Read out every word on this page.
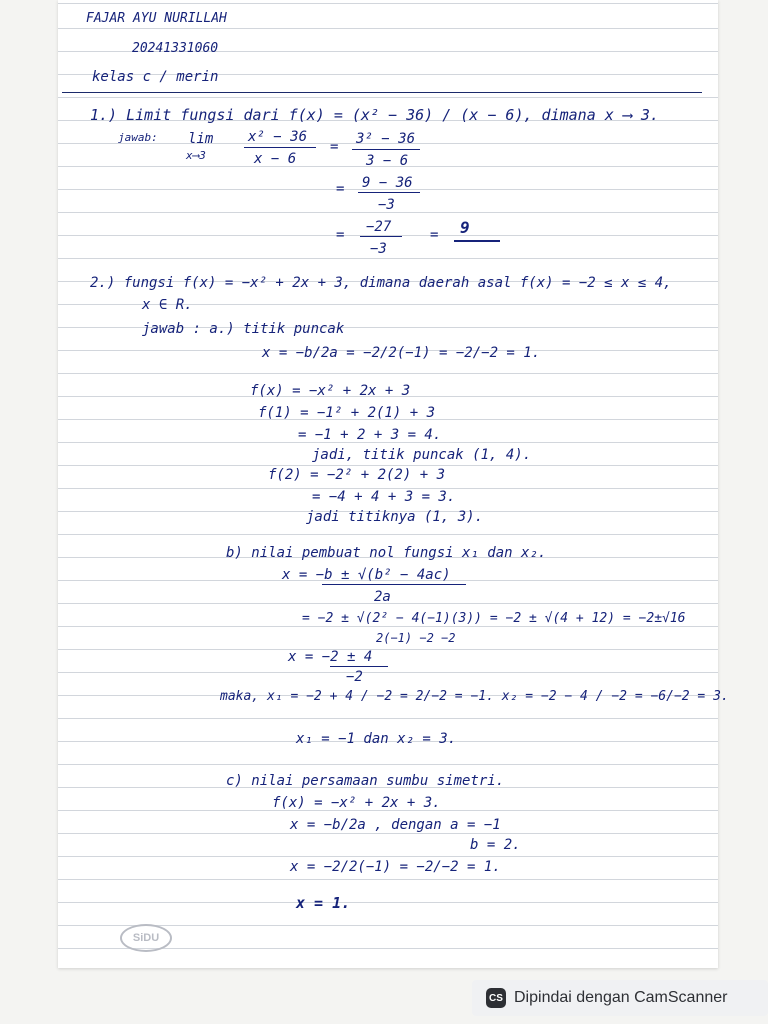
FAJAR AYU NURILLAH
20241331060
kelas c / merin
1.) Limit fungsi dari f(x) = (x² − 36) / (x − 6), dimana x ⟶ 3.
jawab: lim
x⟶3
x² − 36
x − 6
= 3² − 36
3 − 6
= 9 − 36
−3
= −27
−3
= 9
2.) fungsi f(x) = −x² + 2x + 3, dimana daerah asal f(x) = −2 ≤ x ≤ 4,
x ∈ R.
jawab : a.) titik puncak
x = −b/2a = −2/2(−1) = −2/−2 = 1.
f(x) = −x² + 2x + 3
f(1) = −1² + 2(1) + 3
= −1 + 2 + 3 = 4.
jadi, titik puncak (1, 4).
f(2) = −2² + 2(2) + 3
= −4 + 4 + 3 = 3.
jadi titiknya (1, 3).
b) nilai pembuat nol fungsi x₁ dan x₂.
x = −b ± √(b² − 4ac)
2a
= −2 ± √(2² − 4(−1)(3)) = −2 ± √(4 + 12) = −2±√16
2(−1) −2 −2
x = −2 ± 4
−2
maka, x₁ = −2 + 4 / −2 = 2/−2 = −1. x₂ = −2 − 4 / −2 = −6/−2 = 3.
x₁ = −1 dan x₂ = 3.
c) nilai persamaan sumbu simetri.
f(x) = −x² + 2x + 3.
x = −b/2a , dengan a = −1
b = 2.
x = −2/2(−1) = −2/−2 = 1.
x = 1.
SiDU
CS Dipindai dengan CamScanner
